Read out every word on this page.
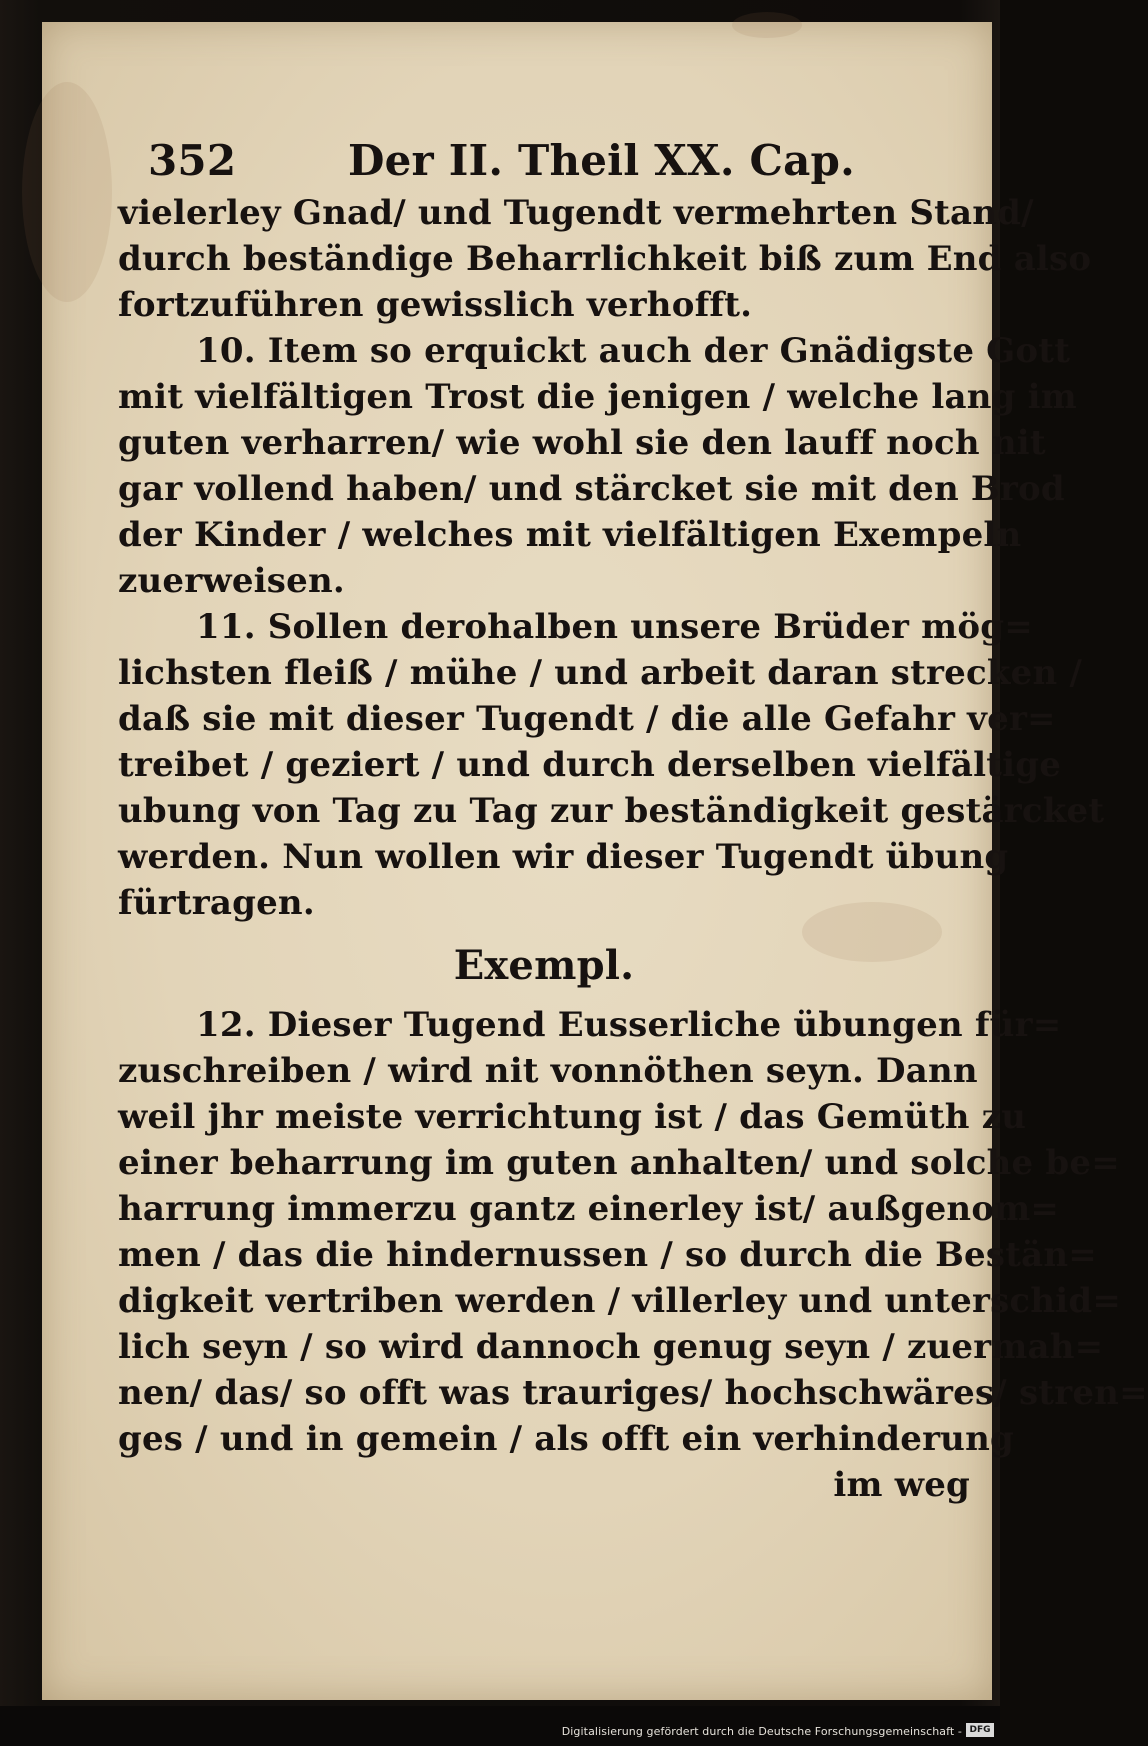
352	Der II. Theil XX. Cap.
vielerley Gnad/ und Tugendt vermehrten Stand/
durch beständige Beharrlichkeit biß zum End also
fortzuführen gewisslich verhofft.
10. Item so erquickt auch der Gnädigste Gott
mit vielfältigen Trost die jenigen / welche lang im
guten verharren/ wie wohl sie den lauff noch nit
gar vollend haben/ und stärcket sie mit den Brod
der Kinder / welches mit vielfältigen Exempeln
zuerweisen.
11. Sollen derohalben unsere Brüder mög=
lichsten fleiß / mühe / und arbeit daran strecken /
daß sie mit dieser Tugendt / die alle Gefahr ver=
treibet / geziert / und durch derselben vielfältige
ubung von Tag zu Tag zur beständigkeit gestärcket
werden. Nun wollen wir dieser Tugendt übung
fürtragen.
Exempl.
12. Dieser Tugend Eusserliche übungen für=
zuschreiben / wird nit vonnöthen seyn. Dann
weil jhr meiste verrichtung ist / das Gemüth zu
einer beharrung im guten anhalten/ und solche be=
harrung immerzu gantz einerley ist/ außgenom=
men / das die hindernussen / so durch die Bestän=
digkeit vertriben werden / villerley und unterschid=
lich seyn / so wird dannoch genug seyn / zuermah=
nen/ das/ so offt was trauriges/ hochschwäres/ stren=
ges / und in gemein / als offt ein verhinderung
im weg
Digitalisierung gefördert durch die Deutsche Forschungsgemeinschaft - DFG
